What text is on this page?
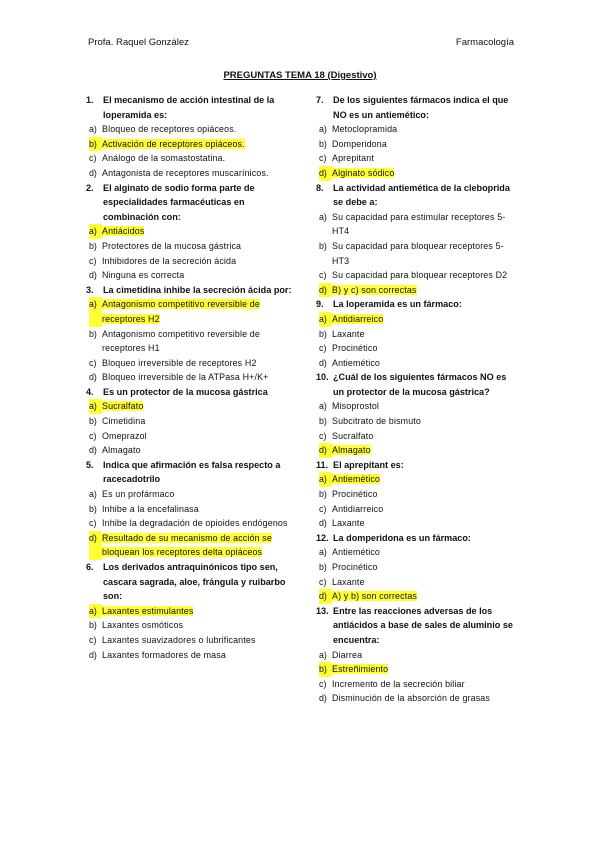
Profa. Raquel González	Farmacología
PREGUNTAS TEMA 18 (Digestivo)
1.	El mecanismo de acción intestinal de la loperamida es:
a) Bloqueo de receptores opiáceos.
b) Activación de receptores opiáceos.
c) Análogo de la somastostatina.
d) Antagonista de receptores muscarínicos.
2.	El alginato de sodio forma parte de especialidades farmacéuticas en combinación con:
a) Antiácidos
b) Protectores de la mucosa gástrica
c) Inhibidores de la secreción ácida
d) Ninguna es correcta
3.	La cimetidina inhibe la secreción ácida por:
a) Antagonismo competitivo reversible de receptores H2
b) Antagonismo competitivo reversible de receptores H1
c) Bloqueo irreversible de receptores H2
d) Bloqueo irreversible de la ATPasa H+/K+
4.	Es un protector de la mucosa gástrica
a) Sucralfato
b) Cimetidina
c) Omeprazol
d) Almagato
5.	Indica que afirmación es falsa respecto a racecadotrilo
a) Es un profármaco
b) Inhibe a la encefalinasa
c) Inhibe la degradación de opioides endógenos
d) Resultado de su mecanismo de acción se bloquean los receptores delta opiáceos
6.	Los derivados antraquinónicos tipo sen, cascara sagrada, aloe, frángula y ruibarbo son:
a) Laxantes estimulantes
b) Laxantes osmóticos
c) Laxantes suavizadores o lubrificantes
d) Laxantes formadores de masa
7.	De los siguientes fármacos indica el que NO es un antiemético:
a) Metoclopramida
b) Domperidona
c) Aprepitant
d) Alginato sódico
8.	La actividad antiemética de la cleboprida se debe a:
a) Su capacidad para estimular receptores 5-HT4
b) Su capacidad para bloquear receptores 5-HT3
c) Su capacidad para bloquear receptores D2
d) B) y c) son correctas
9.	La loperamida es un fármaco:
a) Antidiarreico
b) Laxante
c) Procinético
d) Antiemético
10. ¿Cuál de los siguientes fármacos NO es un protector de la mucosa gástrica?
a) Misoprostol
b) Subcitrato de bismuto
c) Sucralfato
d) Almagato
11. El aprepitant es:
a) Antiemético
b) Procinético
c) Antidiarreico
d) Laxante
12. La domperidona es un fármaco:
a) Antiemético
b) Procinético
c) Laxante
d) A) y b) son correctas
13. Entre las reacciones adversas de los antiácidos a base de sales de aluminio se encuentra:
a) Diarrea
b) Estreñimiento
c) Incremento de la secreción biliar
d) Disminución de la absorción de grasas
